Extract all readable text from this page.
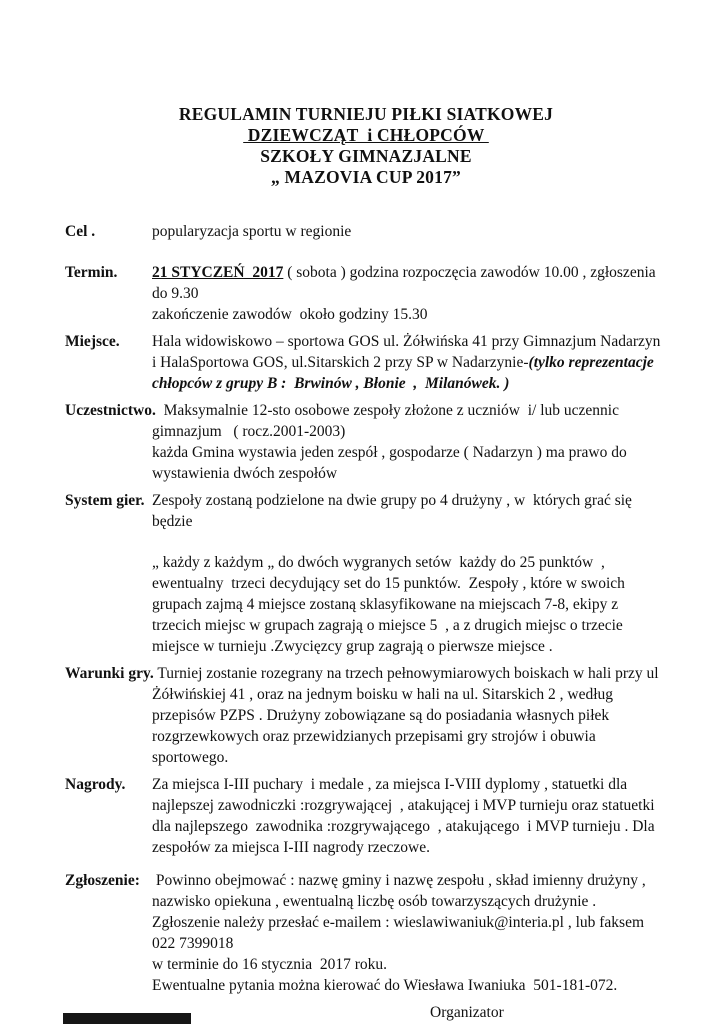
REGULAMIN TURNIEJU PIŁKI SIATKOWEJ
DZIEWCZĄT  i CHŁOPCÓW
SZKOŁY GIMNAZJALNE
„ MAZOVIA CUP 2017”

Cel .	popularyzacja sportu w regionie

Termin. 21 STYCZEŃ  2017 ( sobota ) godzina rozpoczęcia zawodów 10.00 , zgłoszenia do 9.30
zakończenie zawodów  około godziny 15.30

Miejsce. Hala widowiskowo – sportowa GOS ul. Żółwińska 41 przy Gimnazjum Nadarzyn i HalaSportowa GOS, ul.Sitarskich 2 przy SP w Nadarzynie-(tylko reprezentacje chłopców z grupy B :  Brwinów , Błonie  ,  Milanówek. )

Uczestnictwo.  Maksymalnie 12-sto osobowe zespoły złożone z uczniów  i/ lub uczennic gimnazjum   ( rocz.2001-2003)
każda Gmina wystawia jeden zespół , gospodarze ( Nadarzyn ) ma prawo do wystawienia dwóch zespołów

System gier. Zespoły zostaną podzielone na dwie grupy po 4 drużyny , w  których grać się będzie

„ każdy z każdym „ do dwóch wygranych setów  każdy do 25 punktów  , ewentualny  trzeci decydujący set do 15 punktów.  Zespoły , które w swoich grupach zajmą 4 miejsce zostaną sklasyfikowane na miejscach 7-8, ekipy z  trzecich miejsc w grupach zagrają o miejsce 5  , a z drugich miejsc o trzecie  miejsce w turnieju .Zwycięzcy grup zagrają o pierwsze miejsce .

Warunki gry. Turniej zostanie rozegrany na trzech pełnowymiarowych boiskach w hali przy ul Żółwińskiej 41 , oraz na jednym boisku w hali na ul. Sitarskich 2 , według przepisów PZPS . Drużyny zobowiązane są do posiadania własnych piłek rozgrzewkowych oraz przewidzianych przepisami gry strojów i obuwia sportowego.

Nagrody. Za miejsca I-III puchary  i medale , za miejsca I-VIII dyplomy , statuetki dla najlepszej zawodniczki :rozgrywającej  , atakującej i MVP turnieju oraz statuetki dla najlepszego  zawodnika :rozgrywającego  , atakującego  i MVP turnieju . Dla zespołów za miejsca I-III nagrody rzeczowe.

Zgłoszenie: Powinno obejmować : nazwę gminy i nazwę zespołu , skład imienny drużyny , nazwisko opiekuna , ewentualną liczbę osób towarzyszących drużynie . Zgłoszenie należy przesłać e-mailem : wieslawiwaniuk@interia.pl , lub faksem 022 7399018
w terminie do 16 stycznia  2017 roku.
Ewentualne pytania można kierować do Wiesława Iwaniuka  501-181-072.

Organizator
